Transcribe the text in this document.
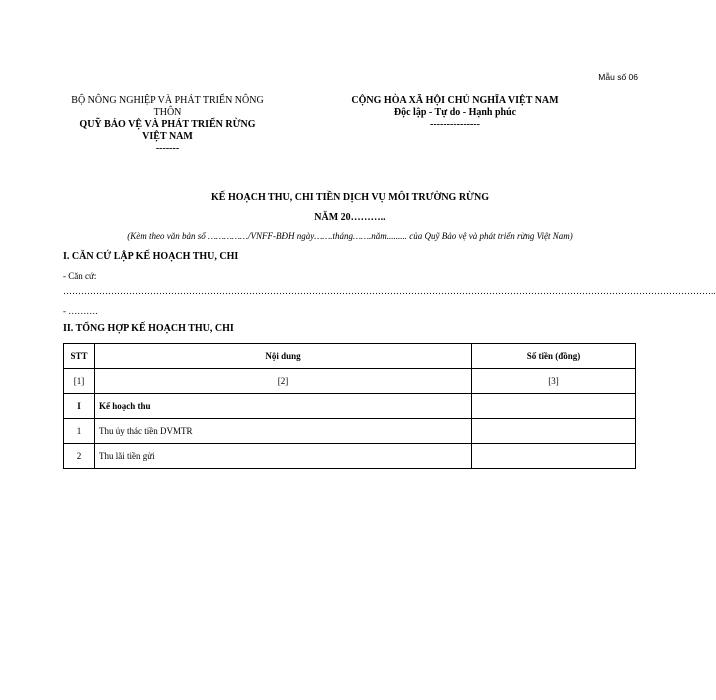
Mẫu số 06
BỘ NÔNG NGHIỆP VÀ PHÁT TRIỂN NÔNG THÔN
QUỸ BẢO VỆ VÀ PHÁT TRIỂN RỪNG
VIỆT NAM
-------
CỘNG HÒA XÃ HỘI CHỦ NGHĨA VIỆT NAM
Độc lập - Tự do - Hạnh phúc
---------------
KẾ HOẠCH THU, CHI TIỀN DỊCH VỤ MÔI TRƯỜNG RỪNG
NĂM 20………..
(Kèm theo văn bản số ……………/VNFF-BĐH ngày…….tháng…….năm......... của Quỹ Bảo vệ và phát triển rừng Việt Nam)
I. CĂN CỨ LẬP KẾ HOẠCH THU, CHI
- Căn cứ:
………………………………………………………………………………………………………………………………………………………………………………………………..
- ……….
II. TỔNG HỢP KẾ HOẠCH THU, CHI
STT	Nội dung	Số tiền (đồng)
[1]	[2]	[3]
I	Kế hoạch thu	
1	Thu ủy thác tiền DVMTR	
2	Thu lãi tiền gửi	
